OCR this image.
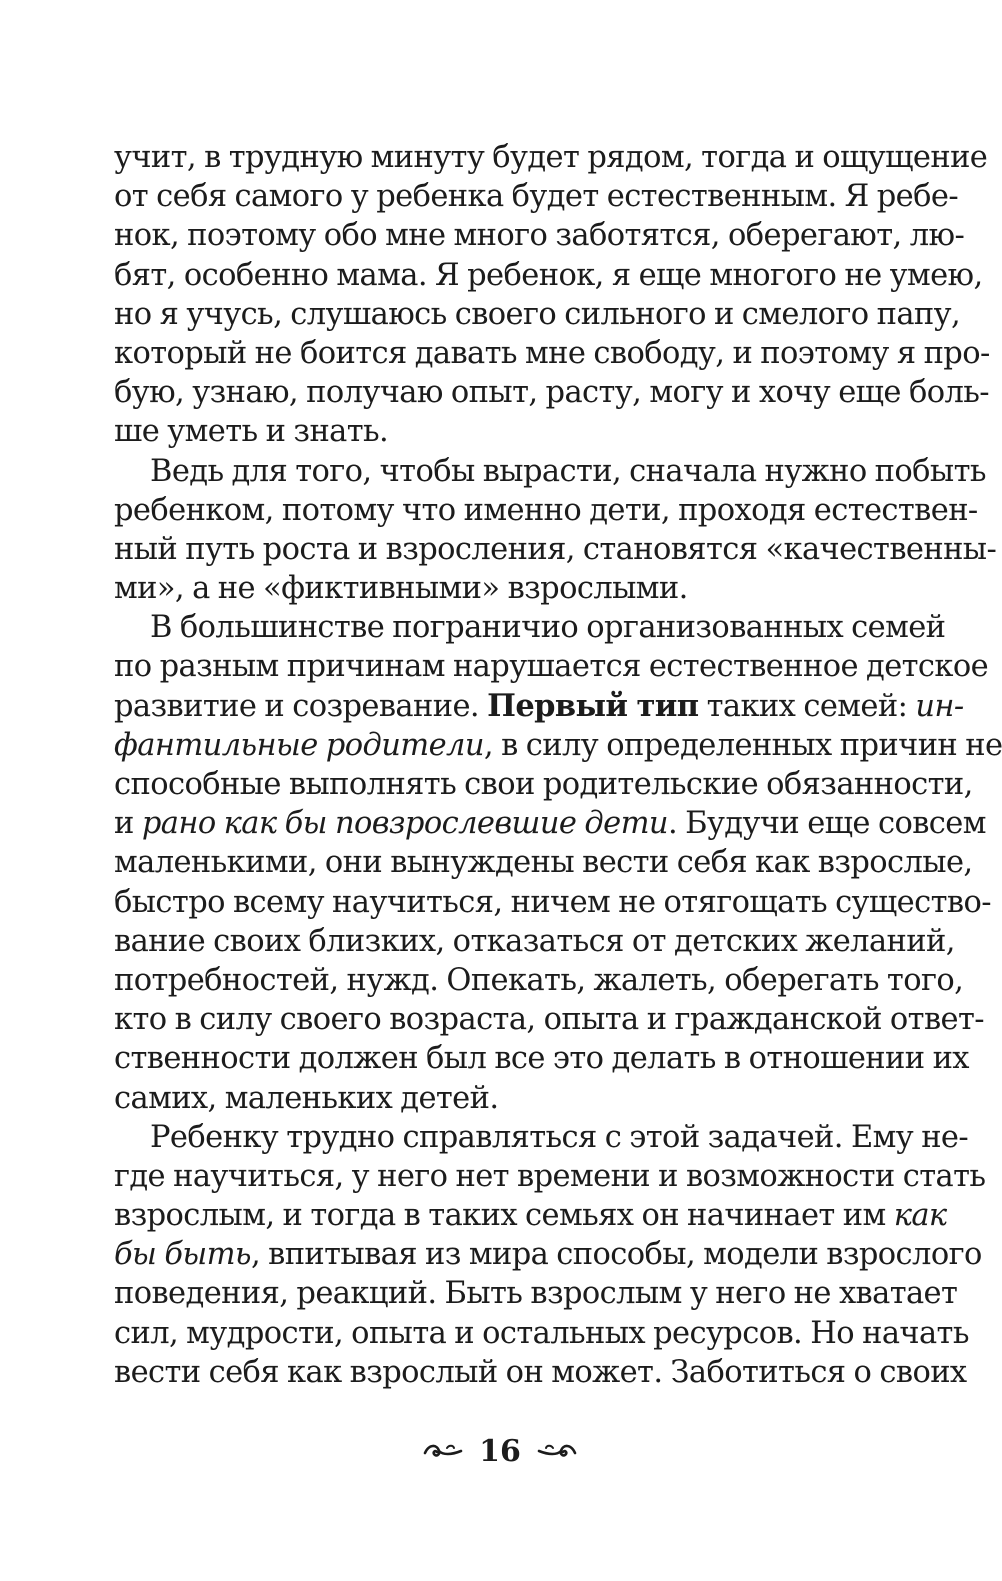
учит, в трудную минуту будет рядом, тогда и ощущение
от себя самого у ребенка будет естественным. Я ребе-
нок, поэтому обо мне много заботятся, оберегают, лю-
бят, особенно мама. Я ребенок, я еще многого не умею,
но я учусь, слушаюсь своего сильного и смелого папу,
который не боится давать мне свободу, и поэтому я про-
бую, узнаю, получаю опыт, расту, могу и хочу еще боль-
ше уметь и знать.
Ведь для того, чтобы вырасти, сначала нужно побыть
ребенком, потому что именно дети, проходя естествен-
ный путь роста и взросления, становятся «качественны-
ми», а не «фиктивными» взрослыми.
В большинстве пограничио организованных семей
по разным причинам нарушается естественное детское
развитие и созревание. Первый тип таких семей: ин-
фантильные родители, в силу определенных причин не
способные выполнять свои родительские обязанности,
и рано как бы повзрослевшие дети. Будучи еще совсем
маленькими, они вынуждены вести себя как взрослые,
быстро всему научиться, ничем не отягощать существо-
вание своих близких, отказаться от детских желаний,
потребностей, нужд. Опекать, жалеть, оберегать того,
кто в силу своего возраста, опыта и гражданской ответ-
ственности должен был все это делать в отношении их
самих, маленьких детей.
Ребенку трудно справляться с этой задачей. Ему не-
где научиться, у него нет времени и возможности стать
взрослым, и тогда в таких семьях он начинает им как
бы быть, впитывая из мира способы, модели взрослого
поведения, реакций. Быть взрослым у него не хватает
сил, мудрости, опыта и остальных ресурсов. Но начать
вести себя как взрослый он может. Заботиться о своих
16
